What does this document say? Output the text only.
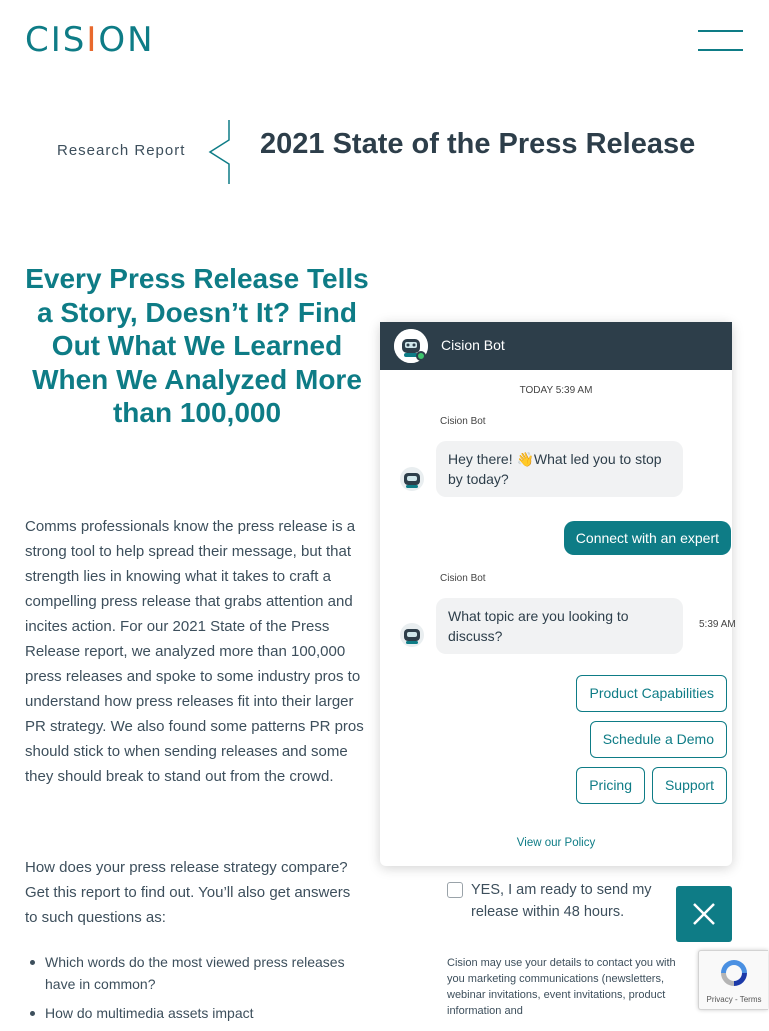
CISION
Research Report	2021 State of the Press Release
Every Press Release Tells a Story, Doesn’t It? Find Out What We Learned When We Analyzed More than 100,000

Comms professionals know the press release is a strong tool to help spread their message, but that strength lies in knowing what it takes to craft a compelling press release that grabs attention and incites action. For our 2021 State of the Press Release report, we analyzed more than 100,000 press releases and spoke to some industry pros to understand how press releases fit into their larger PR strategy. We also found some patterns PR pros should stick to when sending releases and some they should break to stand out from the crowd.

How does your press release strategy compare? Get this report to find out. You’ll also get answers to such questions as:

Which words do the most viewed press releases have in common?
How do multimedia assets impact
YES, I am ready to send my release within 48 hours.
Cision may use your details to contact you with you marketing communications (newsletters, webinar invitations, event invitations, product information and
Cision Bot
TODAY 5:39 AM
Cision Bot
Hey there! 👋What led you to stop by today?
Connect with an expert
Cision Bot
What topic are you looking to discuss?
5:39 AM
Product Capabilities
Schedule a Demo
Pricing	Support
View our Policy
Privacy - Terms
